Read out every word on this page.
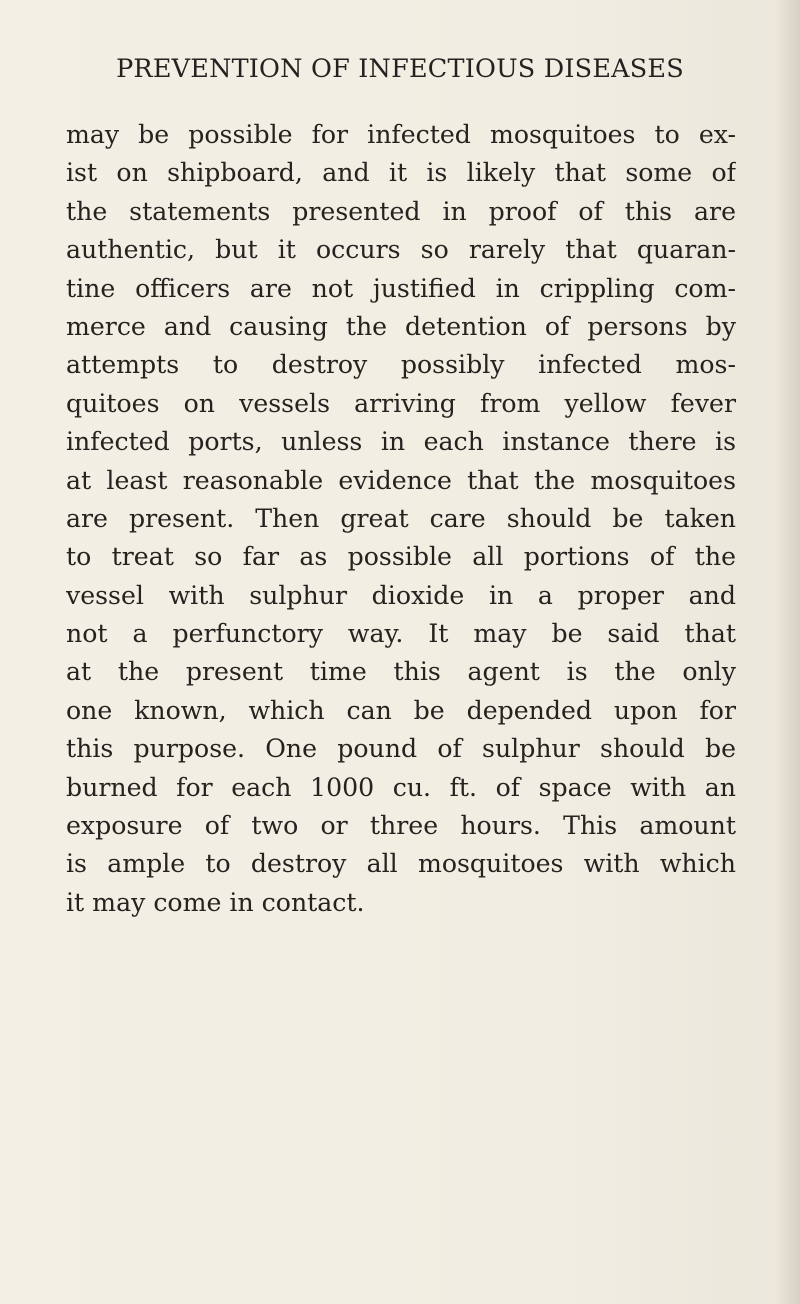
PREVENTION OF INFECTIOUS DISEASES
may be possible for infected mosquitoes to ex-
ist on shipboard, and it is likely that some of
the statements presented in proof of this are
authentic, but it occurs so rarely that quaran-
tine officers are not justified in crippling com-
merce and causing the detention of persons by
attempts to destroy possibly infected mos-
quitoes on vessels arriving from yellow fever
infected ports, unless in each instance there is
at least reasonable evidence that the mosquitoes
are present. Then great care should be taken
to treat so far as possible all portions of the
vessel with sulphur dioxide in a proper and
not a perfunctory way. It may be said that
at the present time this agent is the only
one known, which can be depended upon for
this purpose. One pound of sulphur should be
burned for each 1000 cu. ft. of space with an
exposure of two or three hours. This amount
is ample to destroy all mosquitoes with which
it may come in contact.
